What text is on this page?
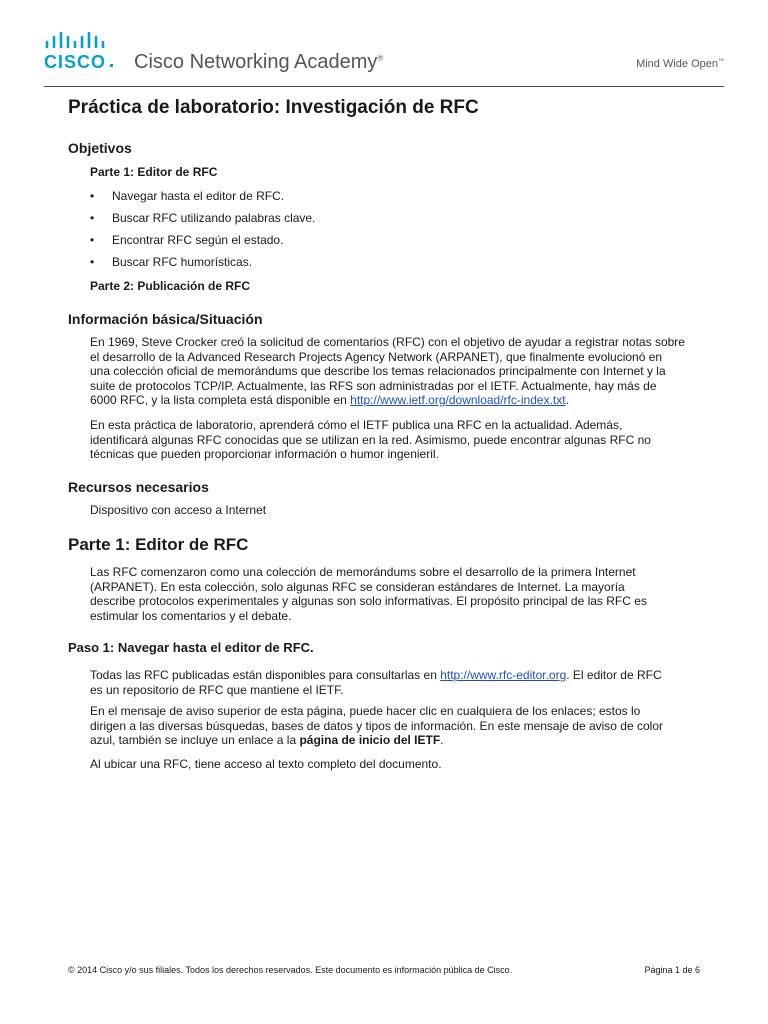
CISCO Cisco Networking Academy®
Mind Wide Open™
Práctica de laboratorio: Investigación de RFC
Objetivos
Parte 1: Editor de RFC
• Navegar hasta el editor de RFC.
• Buscar RFC utilizando palabras clave.
• Encontrar RFC según el estado.
• Buscar RFC humorísticas.
Parte 2: Publicación de RFC
Información básica/Situación
En 1969, Steve Crocker creó la solicitud de comentarios (RFC) con el objetivo de ayudar a registrar notas sobre
el desarrollo de la Advanced Research Projects Agency Network (ARPANET), que finalmente evolucionó en
una colección oficial de memorándums que describe los temas relacionados principalmente con Internet y la
suite de protocolos TCP/IP. Actualmente, las RFS son administradas por el IETF. Actualmente, hay más de
6000 RFC, y la lista completa está disponible en http://www.ietf.org/download/rfc-index.txt.
En esta práctica de laboratorio, aprenderá cómo el IETF publica una RFC en la actualidad. Además,
identificará algunas RFC conocidas que se utilizan en la red. Asimismo, puede encontrar algunas RFC no
técnicas que pueden proporcionar información o humor ingenieril.
Recursos necesarios
Dispositivo con acceso a Internet
Parte 1: Editor de RFC
Las RFC comenzaron como una colección de memorándums sobre el desarrollo de la primera Internet
(ARPANET). En esta colección, solo algunas RFC se consideran estándares de Internet. La mayoría
describe protocolos experimentales y algunas son solo informativas. El propósito principal de las RFC es
estimular los comentarios y el debate.
Paso 1: Navegar hasta el editor de RFC.
Todas las RFC publicadas están disponibles para consultarlas en http://www.rfc-editor.org. El editor de RFC
es un repositorio de RFC que mantiene el IETF.
En el mensaje de aviso superior de esta página, puede hacer clic en cualquiera de los enlaces; estos lo
dirigen a las diversas búsquedas, bases de datos y tipos de información. En este mensaje de aviso de color
azul, también se incluye un enlace a la página de inicio del IETF.
Al ubicar una RFC, tiene acceso al texto completo del documento.
© 2014 Cisco y/o sus filiales. Todos los derechos reservados. Este documento es información pública de Cisco.	Página 1 de 6
